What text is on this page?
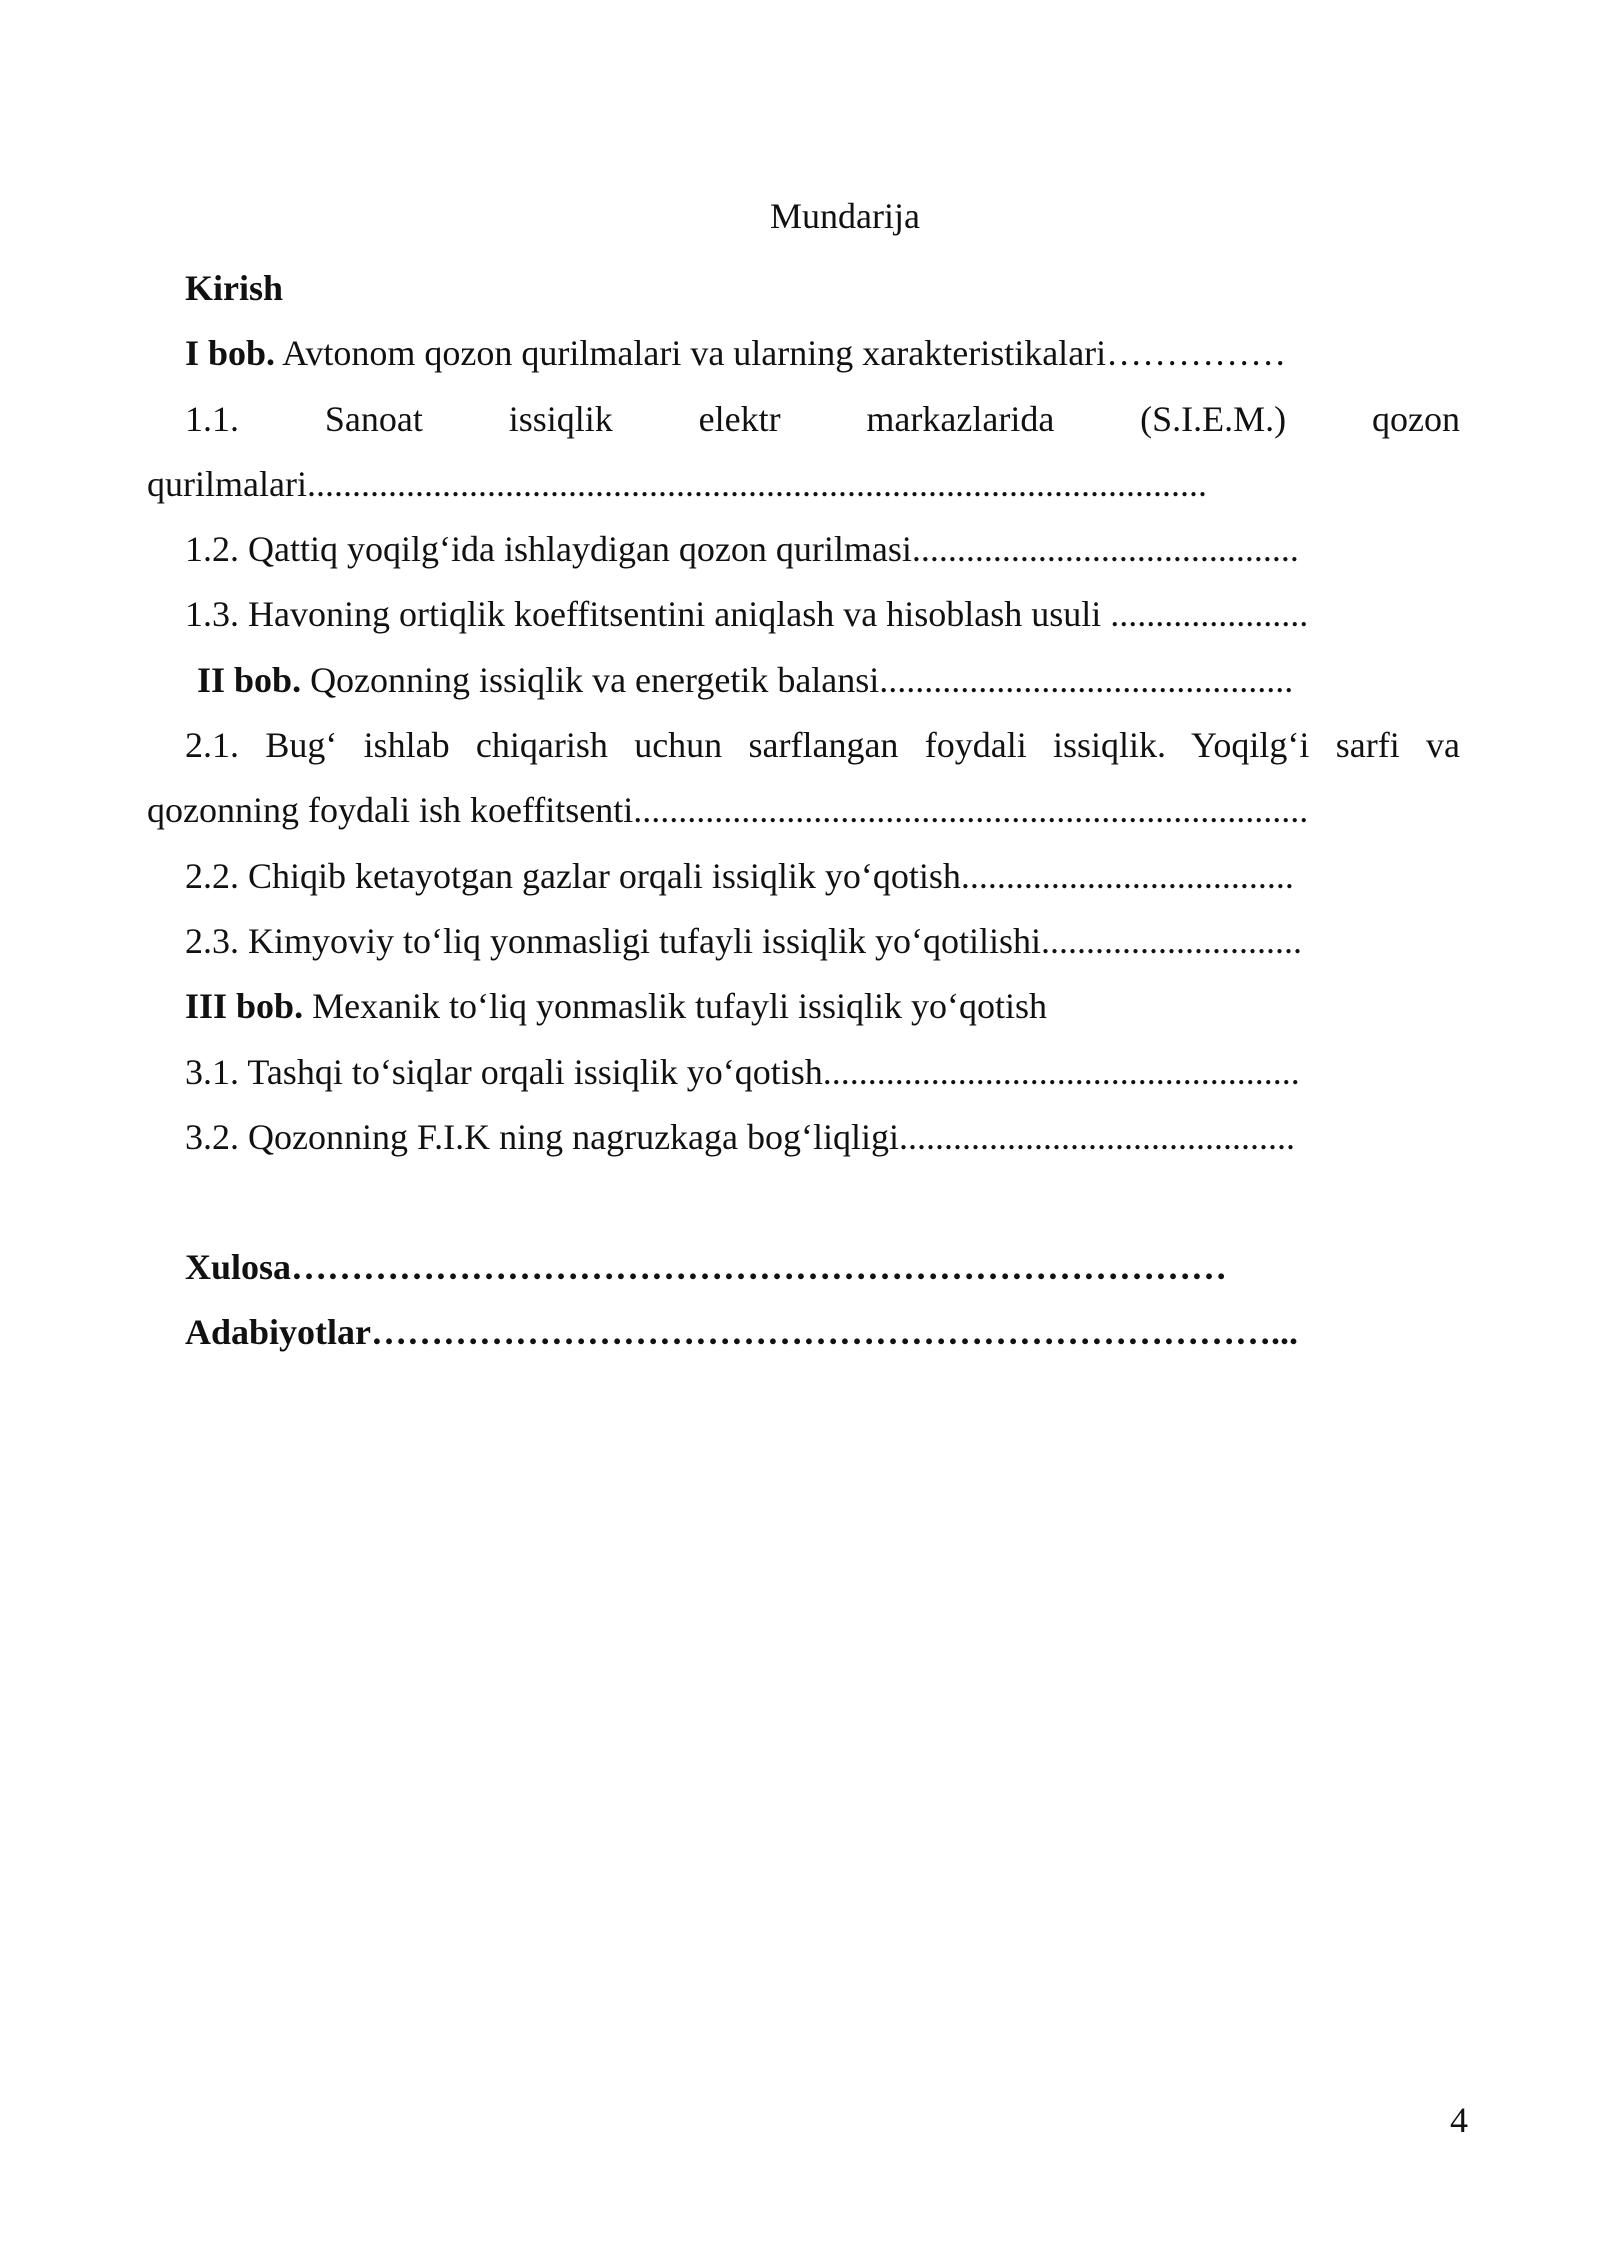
Mundarija

Kirish

I bob. Avtonom qozon qurilmalari va ularning xarakteristikalari……………

1.1. Sanoat issiqlik elektr markazlarida (S.I.E.M.) qozon

qurilmalari....................................................................................................

1.2. Qattiq yoqilg‘ida ishlaydigan qozon qurilmasi...........................................

1.3. Havoning ortiqlik koeffitsentini aniqlash va hisoblash usuli ......................

II bob. Qozonning issiqlik va energetik balansi..............................................

2.1. Bug‘ ishlab chiqarish uchun sarflangan foydali issiqlik. Yoqilg‘i sarfi va

qozonning foydali ish koeffitsenti...........................................................................

2.2. Chiqib ketayotgan gazlar orqali issiqlik yo‘qotish.....................................

2.3. Kimyoviy to‘liq yonmasligi tufayli issiqlik yo‘qotilishi.............................

III bob. Mexanik to‘liq yonmaslik tufayli issiqlik yo‘qotish

3.1. Tashqi to‘siqlar orqali issiqlik yo‘qotish.....................................................

3.2. Qozonning F.I.K ning nagruzkaga bog‘liqligi............................................

Xulosa……………………………………………………………………

Adabiyotlar…………………………………………………………………...

4
